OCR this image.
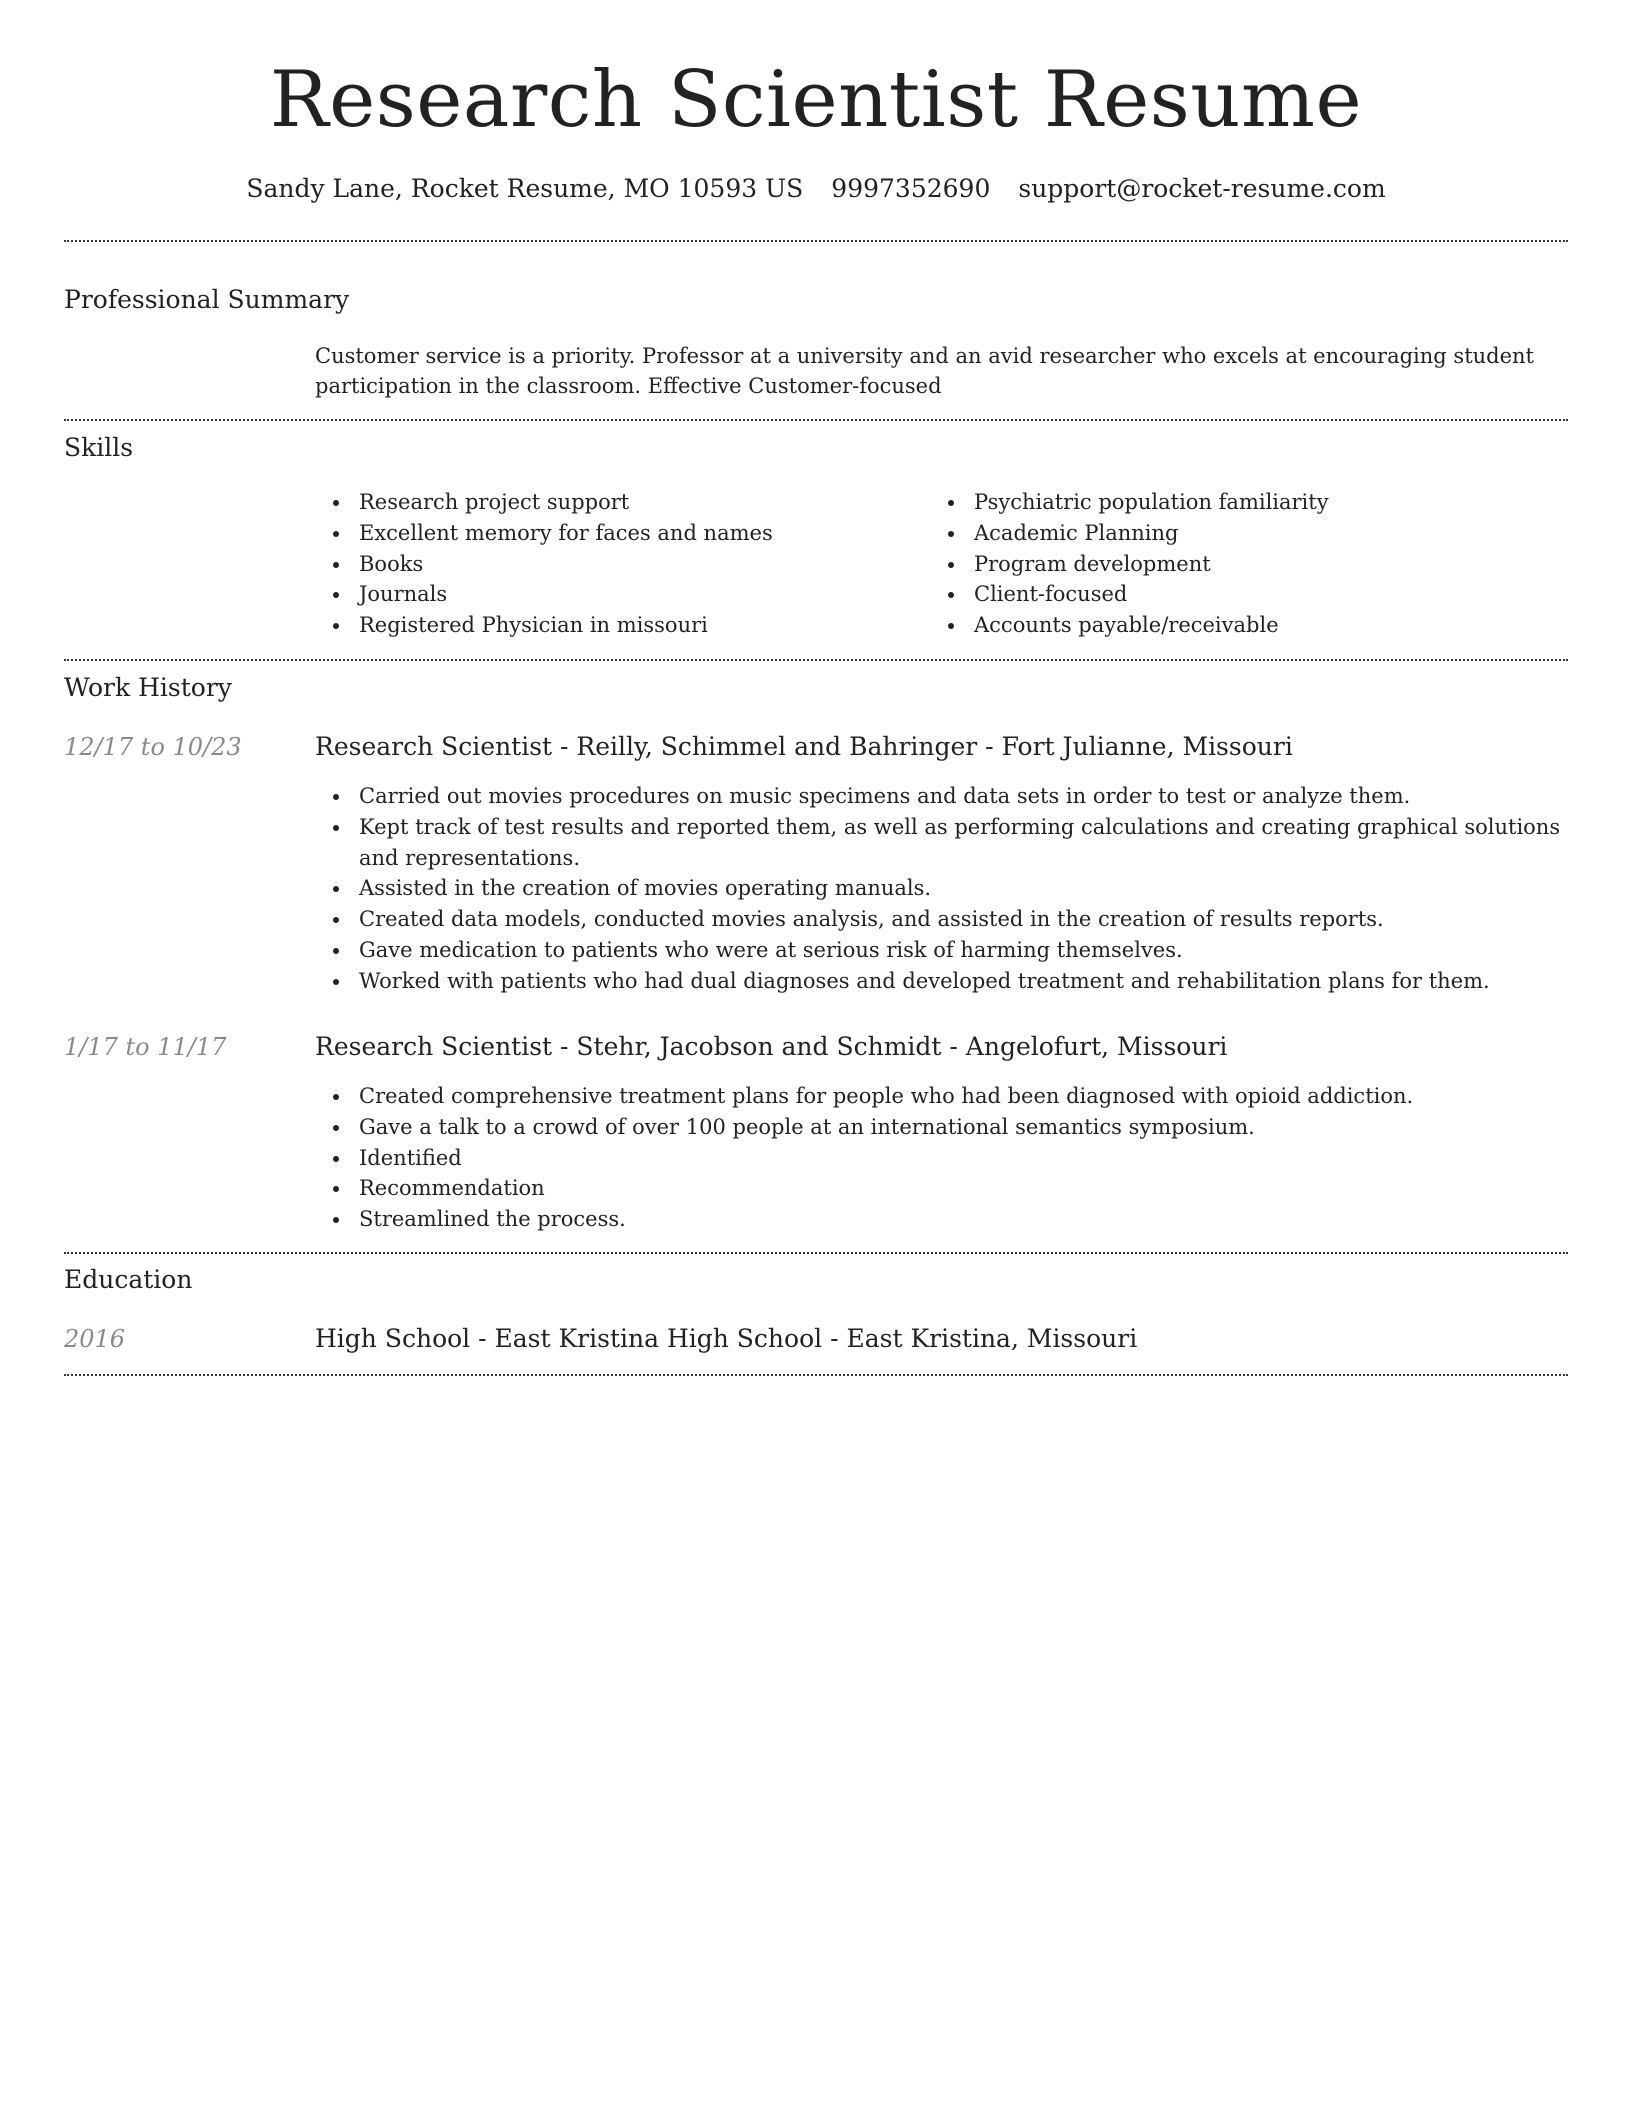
Research Scientist Resume
Sandy Lane, Rocket Resume, MO 10593 US 9997352690 support@rocket-resume.com
Professional Summary

Customer service is a priority. Professor at a university and an avid researcher who excels at encouraging student participation in the classroom. Effective Customer-focused

Skills
Research project support
Excellent memory for faces and names
Books
Journals
Registered Physician in missouri
Psychiatric population familiarity
Academic Planning
Program development
Client-focused
Accounts payable/receivable
Work History
12/17 to 10/23	Research Scientist - Reilly, Schimmel and Bahringer - Fort Julianne, Missouri
Carried out movies procedures on music specimens and data sets in order to test or analyze them.
Kept track of test results and reported them, as well as performing calculations and creating graphical solutions and representations.
Assisted in the creation of movies operating manuals.
Created data models, conducted movies analysis, and assisted in the creation of results reports.
Gave medication to patients who were at serious risk of harming themselves.
Worked with patients who had dual diagnoses and developed treatment and rehabilitation plans for them.
1/17 to 11/17	Research Scientist - Stehr, Jacobson and Schmidt - Angelofurt, Missouri
Created comprehensive treatment plans for people who had been diagnosed with opioid addiction.
Gave a talk to a crowd of over 100 people at an international semantics symposium.
Identified
Recommendation
Streamlined the process.
Education
2016	High School - East Kristina High School - East Kristina, Missouri
